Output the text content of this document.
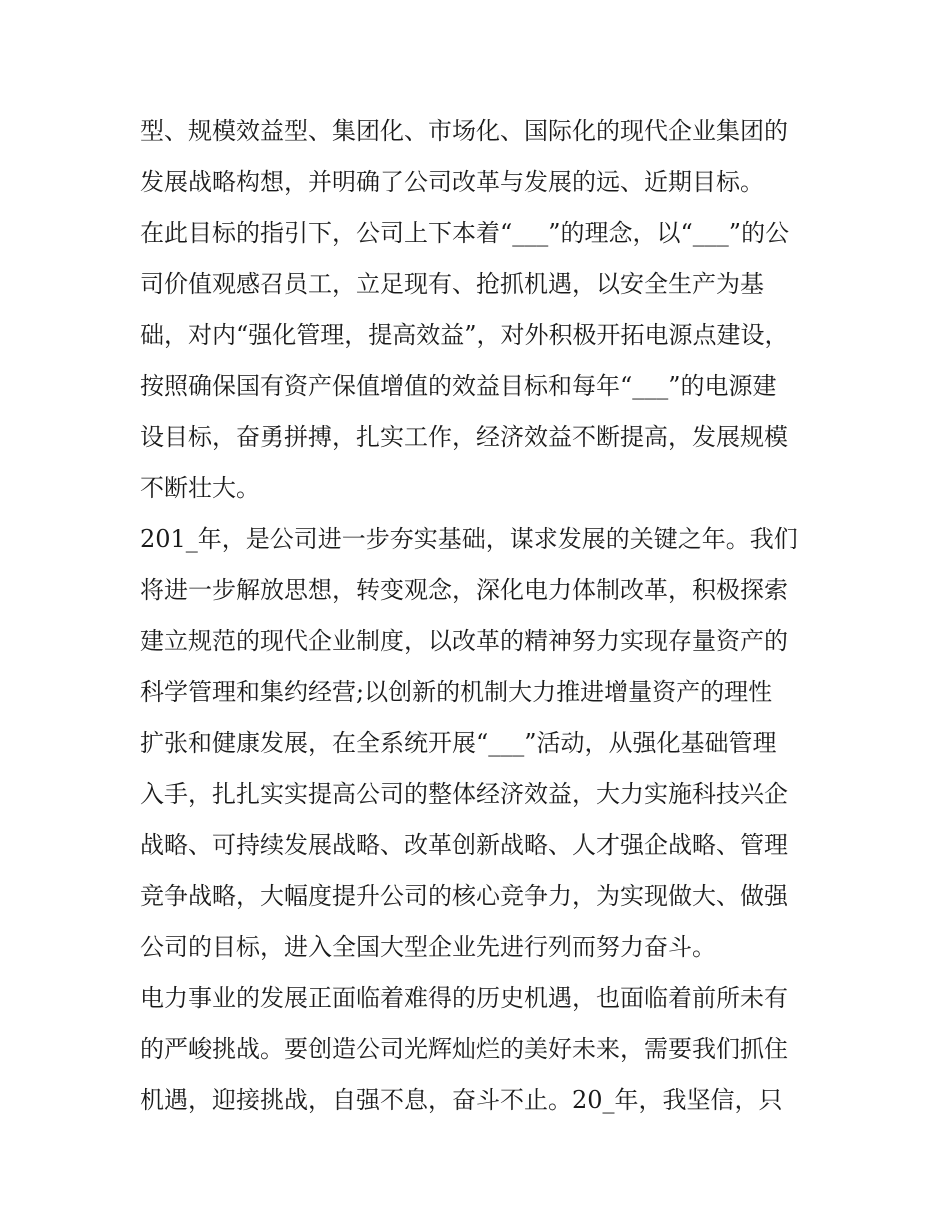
型、规模效益型、集团化、市场化、国际化的现代企业集团的
发展战略构想，并明确了公司改革与发展的远、近期目标。
在此目标的指引下，公司上下本着“___”的理念，以“___”的公
司价值观感召员工，立足现有、抢抓机遇，以安全生产为基
础，对内“强化管理，提高效益”，对外积极开拓电源点建设，
按照确保国有资产保值增值的效益目标和每年“___”的电源建
设目标，奋勇拼搏，扎实工作，经济效益不断提高，发展规模
不断壮大。
201_年，是公司进一步夯实基础，谋求发展的关键之年。我们
将进一步解放思想，转变观念，深化电力体制改革，积极探索
建立规范的现代企业制度，以改革的精神努力实现存量资产的
科学管理和集约经营;以创新的机制大力推进增量资产的理性
扩张和健康发展，在全系统开展“___”活动，从强化基础管理
入手，扎扎实实提高公司的整体经济效益，大力实施科技兴企
战略、可持续发展战略、改革创新战略、人才强企战略、管理
竞争战略，大幅度提升公司的核心竞争力，为实现做大、做强
公司的目标，进入全国大型企业先进行列而努力奋斗。
电力事业的发展正面临着难得的历史机遇，也面临着前所未有
的严峻挑战。要创造公司光辉灿烂的美好未来，需要我们抓住
机遇，迎接挑战，自强不息，奋斗不止。20_年，我坚信，只
